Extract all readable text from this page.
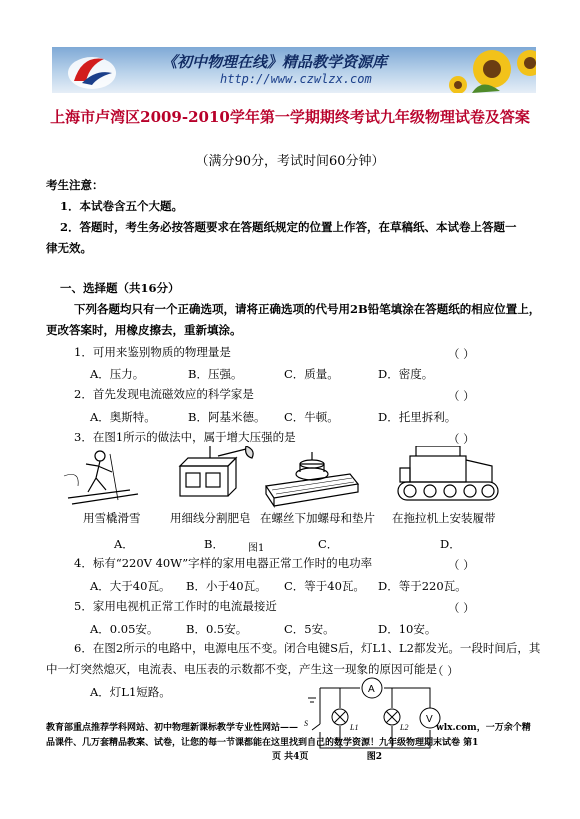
《初中物理在线》精品教学资源库
http://www.czwlzx.com
上海市卢湾区2009-2010学年第一学期期终考试九年级物理试卷及答案
（满分90分，考试时间60分钟）
考生注意：
1．本试卷含五个大题。
2．答题时，考生务必按答题要求在答题纸规定的位置上作答，在草稿纸、本试卷上答题一
律无效。
一、选择题（共16分）
下列各题均只有一个正确选项，请将正确选项的代号用2B铅笔填涂在答题纸的相应位置上，
更改答案时，用橡皮擦去，重新填涂。
1．可用来鉴别物质的物理量是	（ ）
A．压力。	B．压强。	C．质量。	D．密度。
2．首先发现电流磁效应的科学家是	（ ）
A．奥斯特。	B．阿基米德。 C．牛顿。	D．托里拆利。
3．在图1所示的做法中，属于增大压强的是	（ ）
用雪橇滑雪	用细线分割肥皂 在螺丝下加螺母和垫片 在拖拉机上安装履带
A．	B． 图1	C．	D．
4．标有“220V 40W”字样的家用电器正常工作时的电功率	（ ）
A．大于40瓦。 B．小于40瓦。 C．等于40瓦。 D．等于220瓦。
5．家用电视机正常工作时的电流最接近	（ ）
A．0.05安。 B．0.5安。	C．5安。	D．10安。
6．在图2所示的电路中，电源电压不变。闭合电键S后，灯L1、L2都发光。一段时间后，其
中一灯突然熄灭，电流表、电压表的示数都不变，产生这一现象的原因可能是
（ ）
A．灯L1短路。	A
V
L1	L2
S
教育部重点推荐学科网站、初中物理新课标教学专业性网站——	wlx.com，一万余个精
品课件、几万套精品教案、试卷，让您的每一节课都能在这里找到自己的数学资源！九年级物理期末试卷 第1
页 共4页	图2
